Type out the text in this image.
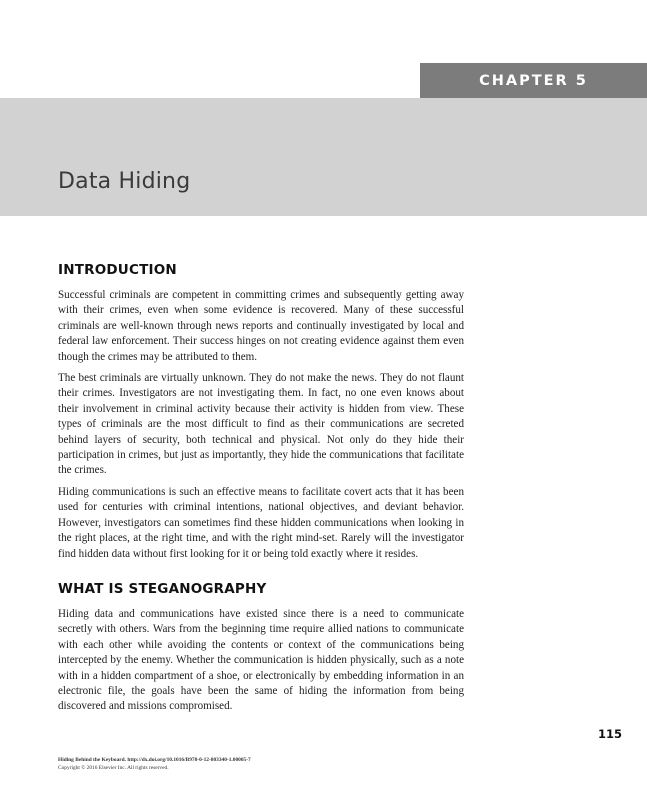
CHAPTER 5
Data Hiding
INTRODUCTION

Successful criminals are competent in committing crimes and subsequently getting away with their crimes, even when some evidence is recovered. Many of these successful criminals are well-known through news reports and continually investigated by local and federal law enforcement. Their success hinges on not creating evidence against them even though the crimes may be attributed to them.

The best criminals are virtually unknown. They do not make the news. They do not flaunt their crimes. Investigators are not investigating them. In fact, no one even knows about their involvement in criminal activity because their activity is hidden from view. These types of criminals are the most difficult to find as their communications are secreted behind layers of security, both technical and physical. Not only do they hide their participation in crimes, but just as importantly, they hide the communications that facilitate the crimes.

Hiding communications is such an effective means to facilitate covert acts that it has been used for centuries with criminal intentions, national objectives, and deviant behavior. However, investigators can sometimes find these hidden communications when looking in the right places, at the right time, and with the right mind-set. Rarely will the investigator find hidden data without first looking for it or being told exactly where it resides.

WHAT IS STEGANOGRAPHY

Hiding data and communications have existed since there is a need to communicate secretly with others. Wars from the beginning time require allied nations to communicate with each other while avoiding the contents or context of the communications being intercepted by the enemy. Whether the communication is hidden physically, such as a note with in a hidden compartment of a shoe, or electronically by embedding information in an electronic file, the goals have been the same of hiding the information from being discovered and missions compromised.

115
Hiding Behind the Keyboard. http://dx.doi.org/10.1016/B978-0-12-803340-1.00005-7
Copyright © 2016 Elsevier Inc. All rights reserved.
